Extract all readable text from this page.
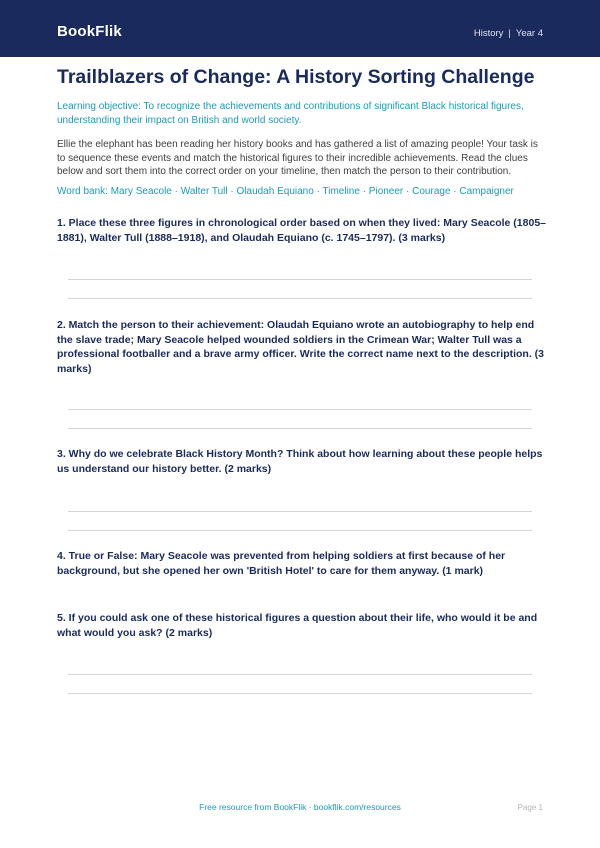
BookFlik	History | Year 4
Trailblazers of Change: A History Sorting Challenge

Learning objective: To recognize the achievements and contributions of significant Black historical figures, understanding their impact on British and world society.

Ellie the elephant has been reading her history books and has gathered a list of amazing people! Your task is to sequence these events and match the historical figures to their incredible achievements. Read the clues below and sort them into the correct order on your timeline, then match the person to their contribution.

Word bank: Mary Seacole · Walter Tull · Olaudah Equiano · Timeline · Pioneer · Courage · Campaigner

1. Place these three figures in chronological order based on when they lived: Mary Seacole (1805–1881), Walter Tull (1888–1918), and Olaudah Equiano (c. 1745–1797). (3 marks)
2. Match the person to their achievement: Olaudah Equiano wrote an autobiography to help end the slave trade; Mary Seacole helped wounded soldiers in the Crimean War; Walter Tull was a professional footballer and a brave army officer. Write the correct name next to the description. (3 marks)
3. Why do we celebrate Black History Month? Think about how learning about these people helps us understand our history better. (2 marks)
4. True or False: Mary Seacole was prevented from helping soldiers at first because of her background, but she opened her own 'British Hotel' to care for them anyway. (1 mark)
5. If you could ask one of these historical figures a question about their life, who would it be and what would you ask? (2 marks)
Free resource from BookFlik · bookflik.com/resources	Page 1
